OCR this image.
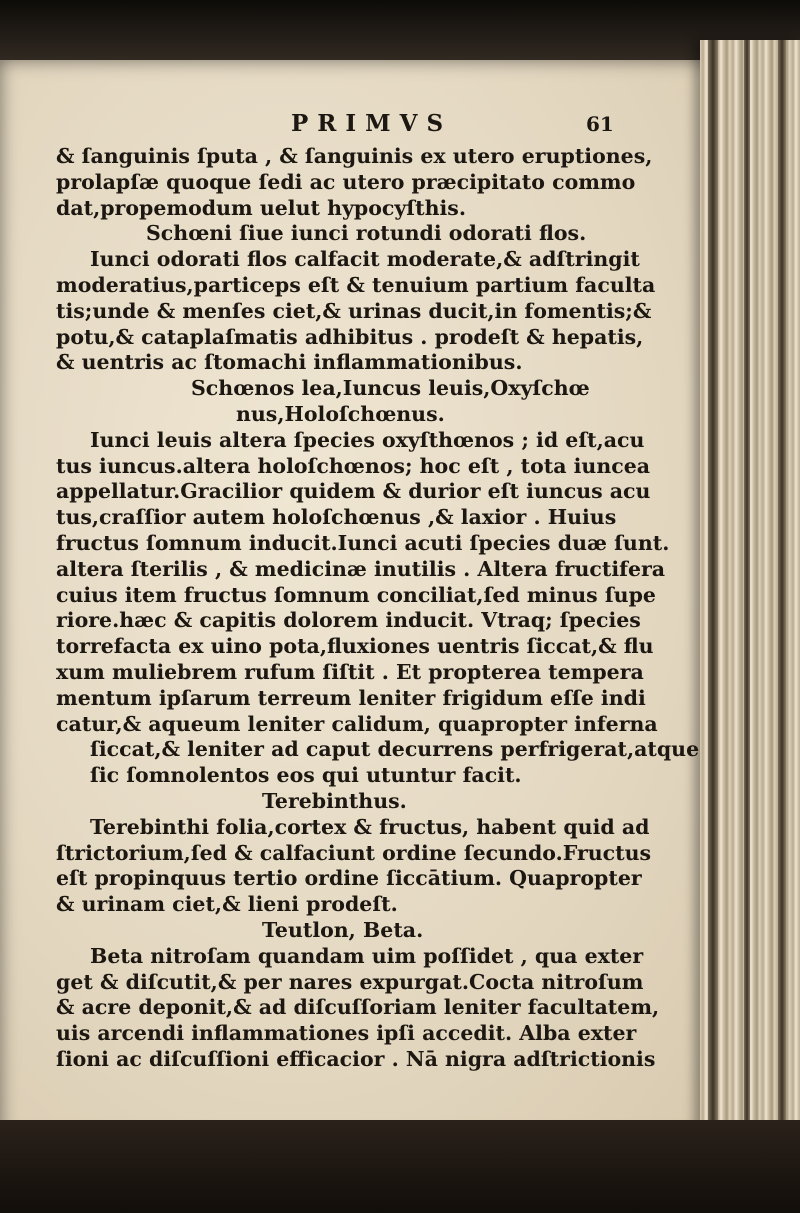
PRIMVS	61
& ſanguinis ſputa , & ſanguinis ex utero eruptiones,
prolapſæ quoque ſedi ac utero præcipitato commo
dat,propemodum uelut hypocyſthis.
Schœni ſiue iunci rotundi odorati flos.
Iunci odorati flos calfacit moderate,& adſtringit
moderatius,particeps eſt & tenuium partium faculta
tis;unde & menſes ciet,& urinas ducit,in fomentis;&
potu,& cataplaſmatis adhibitus . prodeſt & hepatis,
& uentris ac ſtomachi inflammationibus.
Schœnos lea,Iuncus leuis,Oxyſchœ
nus,Holoſchœnus.
Iunci leuis altera ſpecies oxyſthœnos ; id eſt,acu
tus iuncus.altera holoſchœnos; hoc eſt , tota iuncea
appellatur.Gracilior quidem & durior eſt iuncus acu
tus,craſſior autem holoſchœnus ,& laxior . Huius
fructus ſomnum inducit.Iunci acuti ſpecies duæ ſunt.
altera ſterilis , & medicinæ inutilis . Altera fructifera
cuius item fructus ſomnum conciliat,ſed minus ſupe
riore.hæc & capitis dolorem inducit. Vtraq; ſpecies
torrefacta ex uino pota,fluxiones uentris ſiccat,& flu
xum muliebrem rufum ſiſtit . Et propterea tempera
mentum ipſarum terreum leniter frigidum eſſe indi
catur,& aqueum leniter calidum, quapropter inferna
ſiccat,& leniter ad caput decurrens perfrigerat,atque
ſic ſomnolentos eos qui utuntur facit.
Terebinthus.
Terebinthi folia,cortex & fructus, habent quid ad
ſtrictorium,ſed & calfaciunt ordine ſecundo.Fructus
eſt propinquus tertio ordine ſiccātium. Quapropter
& urinam ciet,& lieni prodeſt.
Teutlon, Beta.
Beta nitroſam quandam uim poſſidet , qua exter
get & diſcutit,& per nares expurgat.Cocta nitroſum
& acre deponit,& ad diſcuſſoriam leniter facultatem,
uis arcendi inflammationes ipſi accedit. Alba exter
ſioni ac diſcuſſioni efficacior . Nā nigra adſtrictionis
